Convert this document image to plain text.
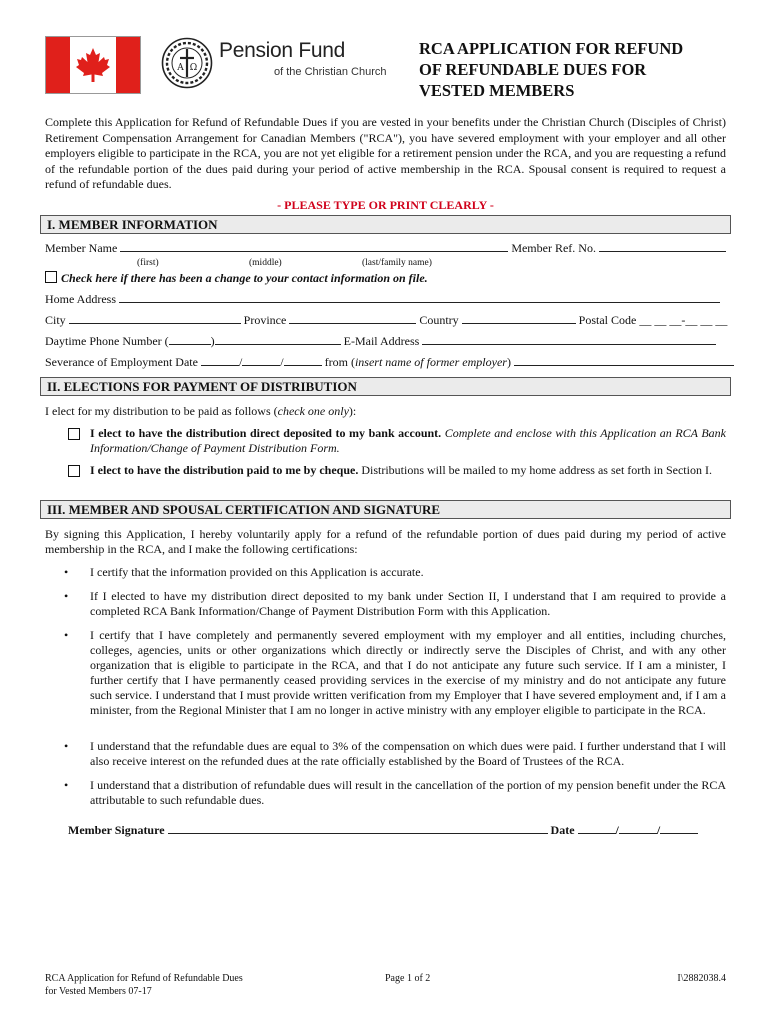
Α Ω
Pension Fund
of the Christian Church
RCA APPLICATION FOR REFUND
OF REFUNDABLE DUES FOR
VESTED MEMBERS
Complete this Application for Refund of Refundable Dues if you are vested in your benefits under the Christian Church (Disciples of Christ) Retirement Compensation Arrangement for Canadian Members ("RCA"), you have severed employment with your employer and all other employers eligible to participate in the RCA, you are not yet eligible for a retirement pension under the RCA, and you are requesting a refund of the refundable portion of the dues paid during your period of active membership in the RCA. Spousal consent is required to request a refund of refundable dues.
- PLEASE TYPE OR PRINT CLEARLY -
I. MEMBER INFORMATION
Member Name	Member Ref. No.
(first)	(middle)	(last/family name)
Check here if there has been a change to your contact information on file.
Home Address
City	Province	Country	Postal Code __ __ __-__ __ __
Daytime Phone Number (	)	E-Mail Address
Severance of Employment Date	/	/	from (insert name of former employer)
II. ELECTIONS FOR PAYMENT OF DISTRIBUTION
I elect for my distribution to be paid as follows (check one only):
I elect to have the distribution direct deposited to my bank account. Complete and enclose with this Application an RCA Bank Information/Change of Payment Distribution Form.
I elect to have the distribution paid to me by cheque. Distributions will be mailed to my home address as set forth in Section I.
III. MEMBER AND SPOUSAL CERTIFICATION AND SIGNATURE
By signing this Application, I hereby voluntarily apply for a refund of the refundable portion of dues paid during my period of active membership in the RCA, and I make the following certifications:
• I certify that the information provided on this Application is accurate.
• If I elected to have my distribution direct deposited to my bank under Section II, I understand that I am required to provide a completed RCA Bank Information/Change of Payment Distribution Form with this Application.
• I certify that I have completely and permanently severed employment with my employer and all entities, including churches, colleges, agencies, units or other organizations which directly or indirectly serve the Disciples of Christ, and with any other organization that is eligible to participate in the RCA, and that I do not anticipate any future such service. If I am a minister, I further certify that I have permanently ceased providing services in the exercise of my ministry and do not anticipate any future such service. I understand that I must provide written verification from my Employer that I have severed employment and, if I am a minister, from the Regional Minister that I am no longer in active ministry with any employer eligible to participate in the RCA.
• I understand that the refundable dues are equal to 3% of the compensation on which dues were paid. I further understand that I will also receive interest on the refunded dues at the rate officially established by the Board of Trustees of the RCA.
• I understand that a distribution of refundable dues will result in the cancellation of the portion of my pension benefit under the RCA attributable to such refundable dues.
Member Signature	Date	/	/
RCA Application for Refund of Refundable Dues
for Vested Members 07-17
Page 1 of 2	I\2882038.4
